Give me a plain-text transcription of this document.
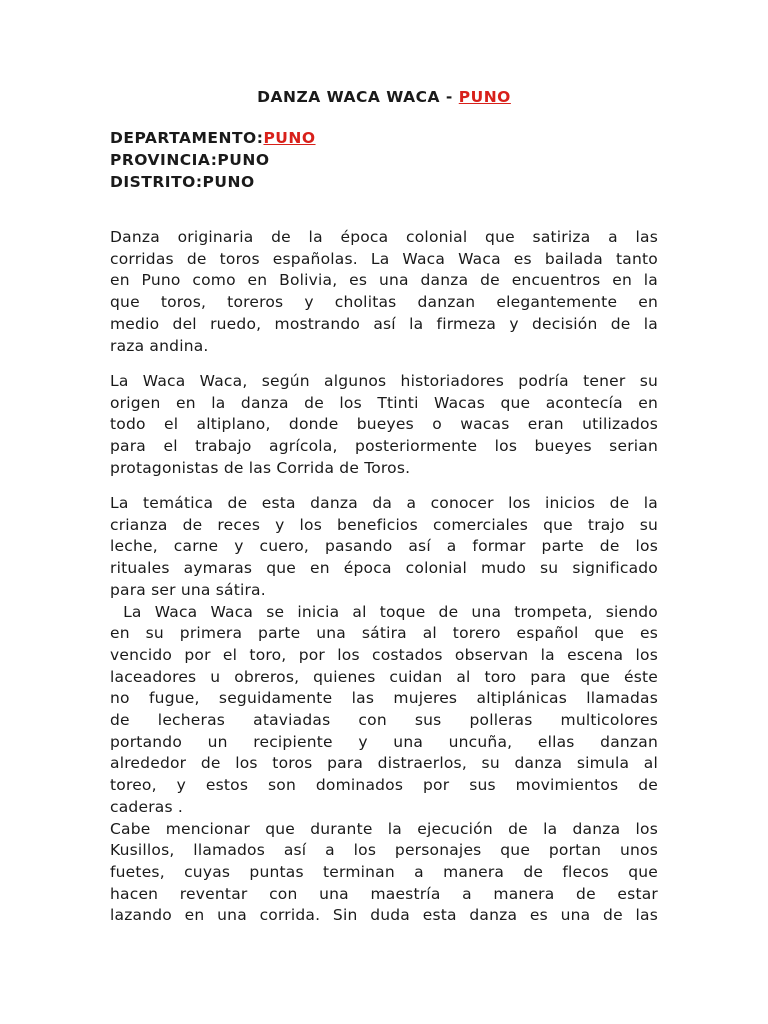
DANZA WACA WACA - PUNO
DEPARTAMENTO:PUNO
PROVINCIA:PUNO
DISTRITO:PUNO

Danza originaria de la época colonial que satiriza a las
corridas de toros españolas. La Waca Waca es bailada tanto
en Puno como en Bolivia, es una danza de encuentros en la
que toros, toreros y cholitas danzan elegantemente en
medio del ruedo, mostrando así la firmeza y decisión de la
raza andina.

La Waca Waca, según algunos historiadores podría tener su
origen en la danza de los Ttinti Wacas que acontecía en
todo el altiplano, donde bueyes o wacas eran utilizados
para el trabajo agrícola, posteriormente los bueyes serian
protagonistas de las Corrida de Toros.

La temática de esta danza da a conocer los inicios de la
crianza de reces y los beneficios comerciales que trajo su
leche, carne y cuero, pasando así a formar parte de los
rituales aymaras que en época colonial mudo su significado
para ser una sátira.
La Waca Waca se inicia al toque de una trompeta, siendo
en su primera parte una sátira al torero español que es
vencido por el toro, por los costados observan la escena los
laceadores u obreros, quienes cuidan al toro para que éste
no fugue, seguidamente las mujeres altiplánicas llamadas
de lecheras ataviadas con sus polleras multicolores
portando un recipiente y una uncuña, ellas danzan
alrededor de los toros para distraerlos, su danza simula al
toreo, y estos son dominados por sus movimientos de
caderas .
Cabe mencionar que durante la ejecución de la danza los
Kusillos, llamados así a los personajes que portan unos
fuetes, cuyas puntas terminan a manera de flecos que
hacen reventar con una maestría a manera de estar
lazando en una corrida. Sin duda esta danza es una de las
